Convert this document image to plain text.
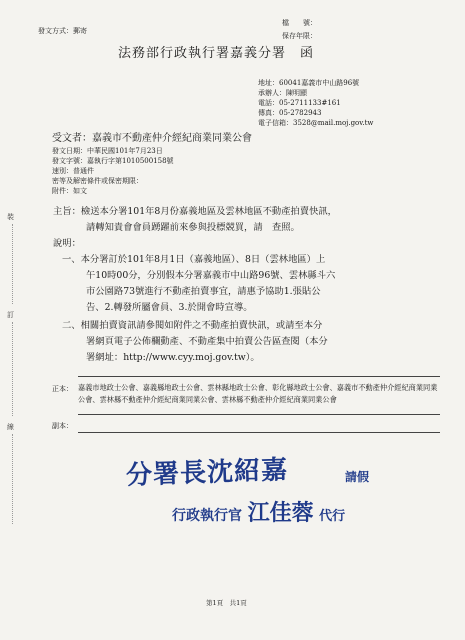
發文方式：郵寄
檔　　號：
保存年限：
法務部行政執行署嘉義分署　函
地址：60041嘉義市中山路96號
承辦人：陳明顯
電話：05-2711133#161
傳真：05-2782943
電子信箱：3528@mail.moj.gov.tw
受文者：嘉義市不動產仲介經紀商業同業公會
發文日期：中華民國101年7月23日
發文字號：嘉執行字第1010500158號
速別：普通件
密等及解密條件或保密期限：
附件：如文
裝
訂
線
主旨：檢送本分署101年8月份嘉義地區及雲林地區不動產拍賣快訊，
請轉知貴會會員踴躍前來參與投標競買，請　查照。
說明：
一、本分署訂於101年8月1日（嘉義地區）、8日（雲林地區）上
午10時00分，分別假本分署嘉義市中山路96號、雲林縣斗六
市公園路73號進行不動產拍賣事宜，請惠予協助1.張貼公
告、2.轉發所屬會員、3.於開會時宣導。
二、相關拍賣資訊請參閱如附件之不動產拍賣快訊，或請至本分
署網頁電子公佈欄動產、不動產集中拍賣公告區查閱（本分
署網址：http://www.cyy.moj.gov.tw）。
正本： 嘉義市地政士公會、嘉義縣地政士公會、雲林縣地政士公會、彰化縣地政士公會、嘉義市不動產仲介經紀商業同業公會、雲林縣不動產仲介經紀商業同業公會、雲林縣不動產仲介經紀商業同業公會
副本：
分署長沈紹嘉	請假
行政執行官 江佳蓉 代行
第1頁　共1頁
